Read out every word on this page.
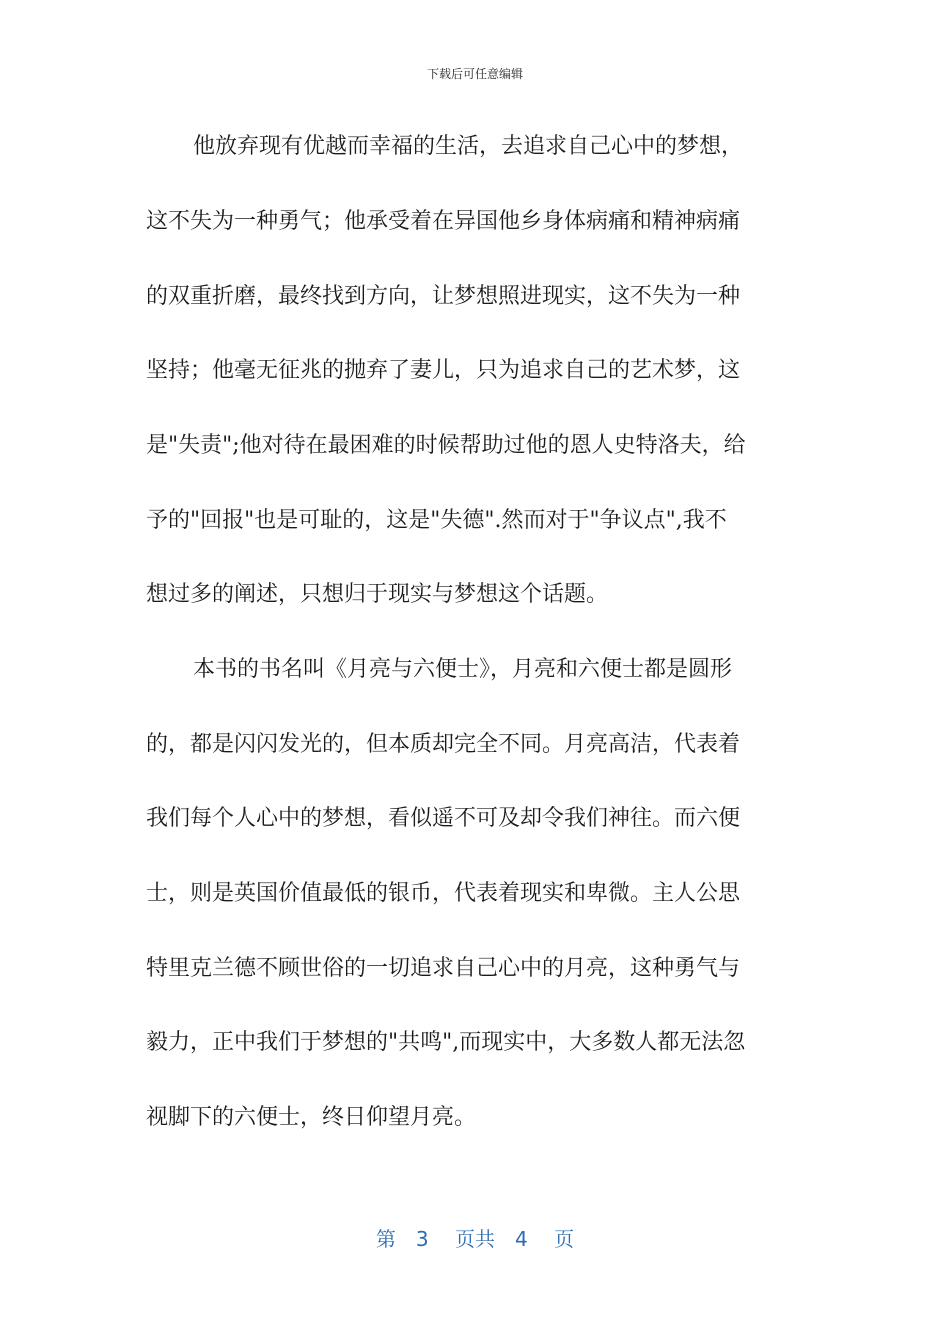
下载后可任意编辑
他放弃现有优越而幸福的生活，去追求自己心中的梦想，
这不失为一种勇气；他承受着在异国他乡身体病痛和精神病痛
的双重折磨，最终找到方向，让梦想照进现实，这不失为一种
坚持；他毫无征兆的抛弃了妻儿，只为追求自己的艺术梦，这
是"失责";他对待在最困难的时候帮助过他的恩人史特洛夫，给
予的"回报"也是可耻的，这是"失德".然而对于"争议点",我不
想过多的阐述，只想归于现实与梦想这个话题。
本书的书名叫《月亮与六便士》，月亮和六便士都是圆形
的，都是闪闪发光的，但本质却完全不同。月亮高洁，代表着
我们每个人心中的梦想，看似遥不可及却令我们神往。而六便
士，则是英国价值最低的银币，代表着现实和卑微。主人公思
特里克兰德不顾世俗的一切追求自己心中的月亮，这种勇气与
毅力，正中我们于梦想的"共鸣",而现实中，大多数人都无法忽
视脚下的六便士，终日仰望月亮。
第　3　 页共　4　 页
